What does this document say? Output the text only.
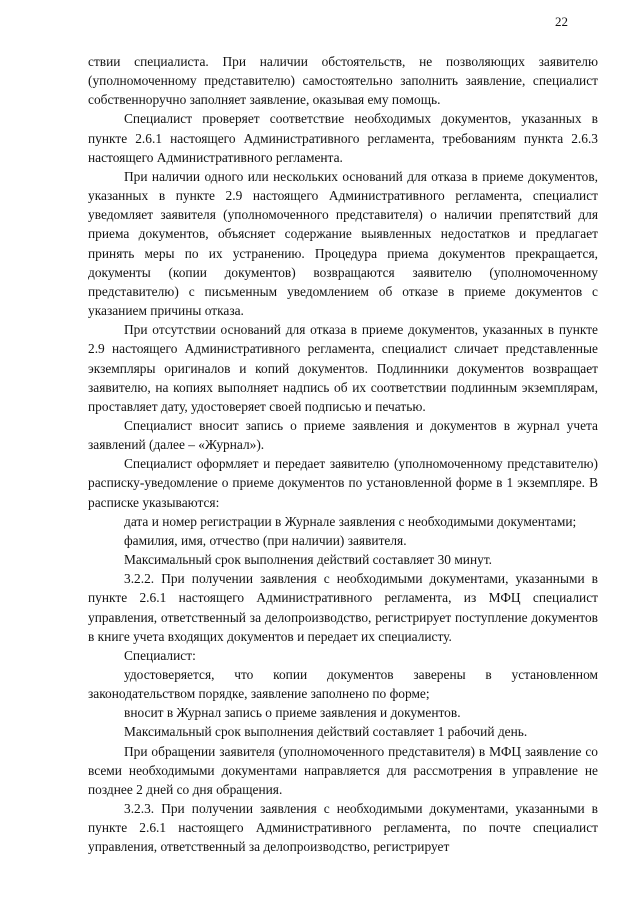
22

ствии специалиста. При наличии обстоятельств, не позволяющих заявителю (уполномоченному представителю) самостоятельно заполнить заявление, специалист собственноручно заполняет заявление, оказывая ему помощь.

Специалист проверяет соответствие необходимых документов, указанных в пункте 2.6.1 настоящего Административного регламента, требованиям пункта 2.6.3 настоящего Административного регламента.

При наличии одного или нескольких оснований для отказа в приеме документов, указанных в пункте 2.9 настоящего Административного регламента, специалист уведомляет заявителя (уполномоченного представителя) о наличии препятствий для приема документов, объясняет содержание выявленных недостатков и предлагает принять меры по их устранению. Процедура приема документов прекращается, документы (копии документов) возвращаются заявителю (уполномоченному представителю) с письменным уведомлением об отказе в приеме документов с указанием причины отказа.

При отсутствии оснований для отказа в приеме документов, указанных в пункте 2.9 настоящего Административного регламента, специалист сличает представленные экземпляры оригиналов и копий документов. Подлинники документов возвращает заявителю, на копиях выполняет надпись об их соответствии подлинным экземплярам, проставляет дату, удостоверяет своей подписью и печатью.

Специалист вносит запись о приеме заявления и документов в журнал учета заявлений (далее – «Журнал»).

Специалист оформляет и передает заявителю (уполномоченному представителю) расписку-уведомление о приеме документов по установленной форме в 1 экземпляре. В расписке указываются:

дата и номер регистрации в Журнале заявления с необходимыми документами;

фамилия, имя, отчество (при наличии) заявителя.

Максимальный срок выполнения действий составляет 30 минут.

3.2.2. При получении заявления с необходимыми документами, указанными в пункте 2.6.1 настоящего Административного регламента, из МФЦ специалист управления, ответственный за делопроизводство, регистрирует поступление документов в книге учета входящих документов и передает их специалисту.

Специалист:

удостоверяется, что копии документов заверены в установленном законодательством порядке, заявление заполнено по форме;

вносит в Журнал запись о приеме заявления и документов.

Максимальный срок выполнения действий составляет 1 рабочий день.

При обращении заявителя (уполномоченного представителя) в МФЦ заявление со всеми необходимыми документами направляется для рассмотрения в управление не позднее 2 дней со дня обращения.

3.2.3. При получении заявления с необходимыми документами, указанными в пункте 2.6.1 настоящего Административного регламента, по почте специалист управления, ответственный за делопроизводство, регистрирует
